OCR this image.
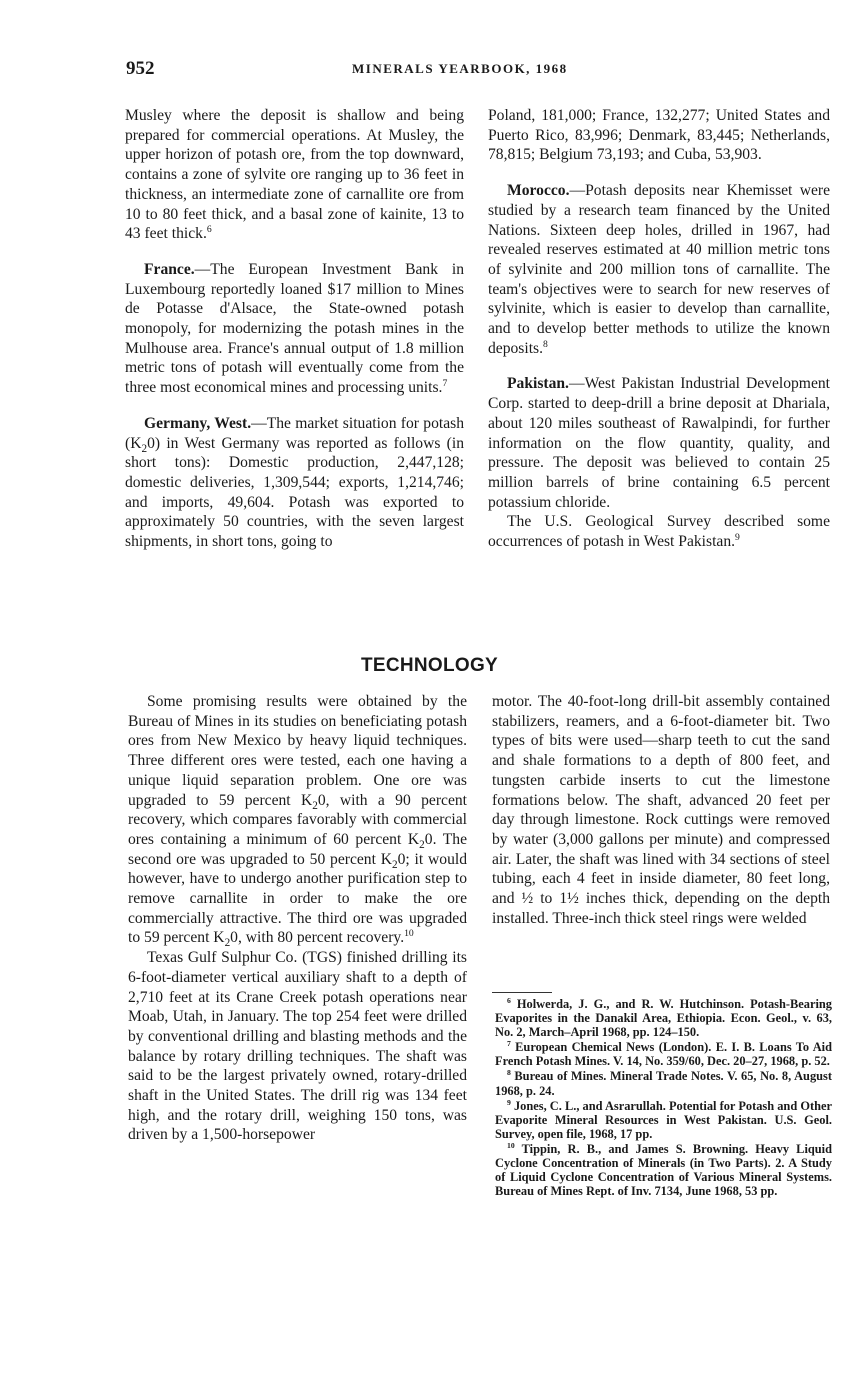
952	MINERALS YEARBOOK, 1968

Musley where the deposit is shallow and being prepared for commercial operations. At Musley, the upper horizon of potash ore, from the top downward, contains a zone of sylvite ore ranging up to 36 feet in thickness, an intermediate zone of carnallite ore from 10 to 80 feet thick, and a basal zone of kainite, 13 to 43 feet thick.$^6$

France.—The European Investment Bank in Luxembourg reportedly loaned $17 million to Mines de Potasse d'Alsace, the State-owned potash monopoly, for modernizing the potash mines in the Mulhouse area. France's annual output of 1.8 million metric tons of potash will eventually come from the three most economical mines and processing units.$^7$

Germany, West.—The market situation for potash $(K_20)$ in West Germany was reported as follows (in short tons): Domestic production, 2,447,128; domestic deliveries, 1,309,544; exports, 1,214,746; and imports, 49,604. Potash was exported to approximately 50 countries, with the seven largest shipments, in short tons, going to

Poland, 181,000; France, 132,277; United States and Puerto Rico, 83,996; Denmark, 83,445; Netherlands, 78,815; Belgium 73,193; and Cuba, 53,903.

Morocco.—Potash deposits near Khemisset were studied by a research team financed by the United Nations. Sixteen deep holes, drilled in 1967, had revealed reserves estimated at 40 million metric tons of sylvinite and 200 million tons of carnallite. The team's objectives were to search for new reserves of sylvinite, which is easier to develop than carnallite, and to develop better methods to utilize the known deposits.$^8$

Pakistan.—West Pakistan Industrial Development Corp. started to deep-drill a brine deposit at Dhariala, about 120 miles southeast of Rawalpindi, for further information on the flow quantity, quality, and pressure. The deposit was believed to contain 25 million barrels of brine containing 6.5 percent potassium chloride.

The U.S. Geological Survey described some occurrences of potash in West Pakistan.$^9$

TECHNOLOGY

Some promising results were obtained by the Bureau of Mines in its studies on beneficiating potash ores from New Mexico by heavy liquid techniques. Three different ores were tested, each one having a unique liquid separation problem. One ore was upgraded to 59 percent $K_20$, with a 90 percent recovery, which compares favorably with commercial ores containing a minimum of 60 percent $K_20$. The second ore was upgraded to 50 percent $K_20$; it would however, have to undergo another purification step to remove carnallite in order to make the ore commercially attractive. The third ore was upgraded to 59 percent $K_20$, with 80 percent recovery.$^{10}$

Texas Gulf Sulphur Co. (TGS) finished drilling its 6-foot-diameter vertical auxiliary shaft to a depth of 2,710 feet at its Crane Creek potash operations near Moab, Utah, in January. The top 254 feet were drilled by conventional drilling and blasting methods and the balance by rotary drilling techniques. The shaft was said to be the largest privately owned, rotary-drilled shaft in the United States. The drill rig was 134 feet high, and the rotary drill, weighing 150 tons, was driven by a 1,500-horsepower

motor. The 40-foot-long drill-bit assembly contained stabilizers, reamers, and a 6-foot-diameter bit. Two types of bits were used—sharp teeth to cut the sand and shale formations to a depth of 800 feet, and tungsten carbide inserts to cut the limestone formations below. The shaft, advanced 20 feet per day through limestone. Rock cuttings were removed by water (3,000 gallons per minute) and compressed air. Later, the shaft was lined with 34 sections of steel tubing, each 4 feet in inside diameter, 80 feet long, and ½ to 1½ inches thick, depending on the depth installed. Three-inch thick steel rings were welded

$^6$ Holwerda, J. G., and R. W. Hutchinson. Potash-Bearing Evaporites in the Danakil Area, Ethiopia. Econ. Geol., v. 63, No. 2, March–April 1968, pp. 124–150.

$^7$ European Chemical News (London). E. I. B. Loans To Aid French Potash Mines. V. 14, No. 359/60, Dec. 20–27, 1968, p. 52.

$^8$ Bureau of Mines. Mineral Trade Notes. V. 65, No. 8, August 1968, p. 24.

$^9$ Jones, C. L., and Asrarullah. Potential for Potash and Other Evaporite Mineral Resources in West Pakistan. U.S. Geol. Survey, open file, 1968, 17 pp.

$^{10}$ Tippin, R. B., and James S. Browning. Heavy Liquid Cyclone Concentration of Minerals (in Two Parts). 2. A Study of Liquid Cyclone Concentration of Various Mineral Systems. Bureau of Mines Rept. of Inv. 7134, June 1968, 53 pp.
